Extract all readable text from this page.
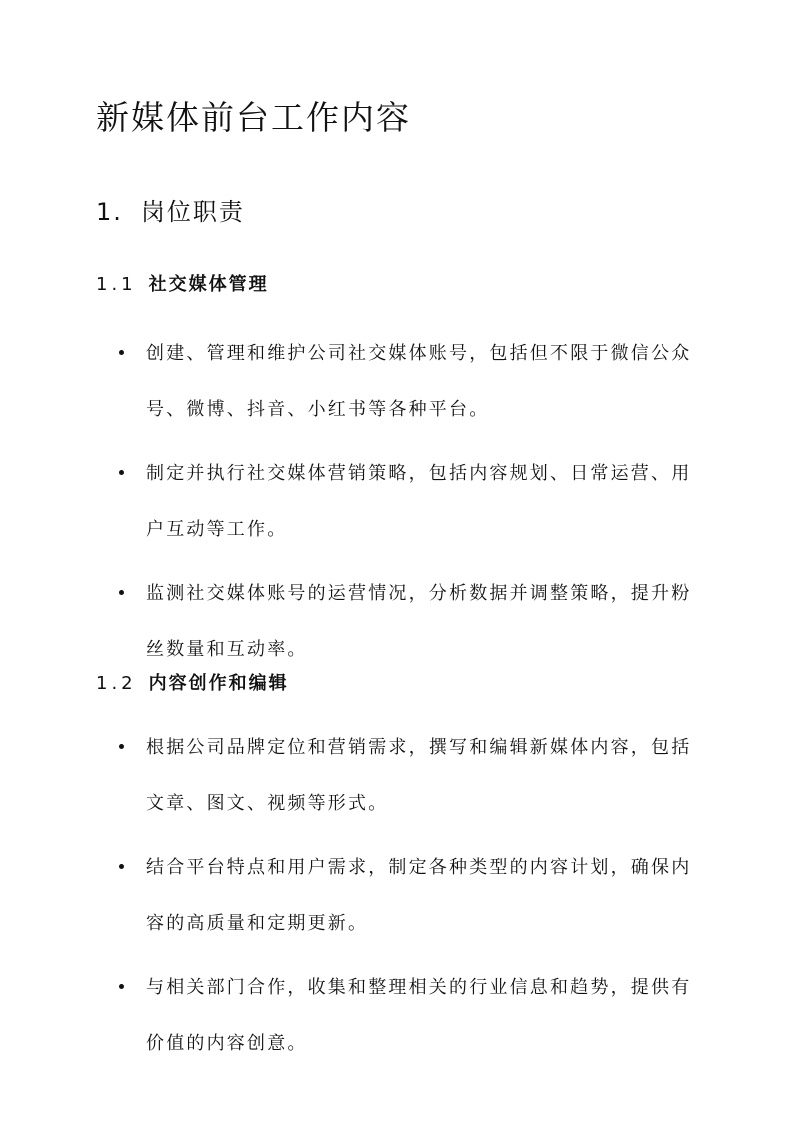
新媒体前台工作内容
1. 岗位职责
1.1 社交媒体管理
创建、管理和维护公司社交媒体账号，包括但不限于微信公众号、微博、抖音、小红书等各种平台。
制定并执行社交媒体营销策略，包括内容规划、日常运营、用户互动等工作。
监测社交媒体账号的运营情况，分析数据并调整策略，提升粉丝数量和互动率。
1.2 内容创作和编辑
根据公司品牌定位和营销需求，撰写和编辑新媒体内容，包括文章、图文、视频等形式。
结合平台特点和用户需求，制定各种类型的内容计划，确保内容的高质量和定期更新。
与相关部门合作，收集和整理相关的行业信息和趋势，提供有价值的内容创意。
